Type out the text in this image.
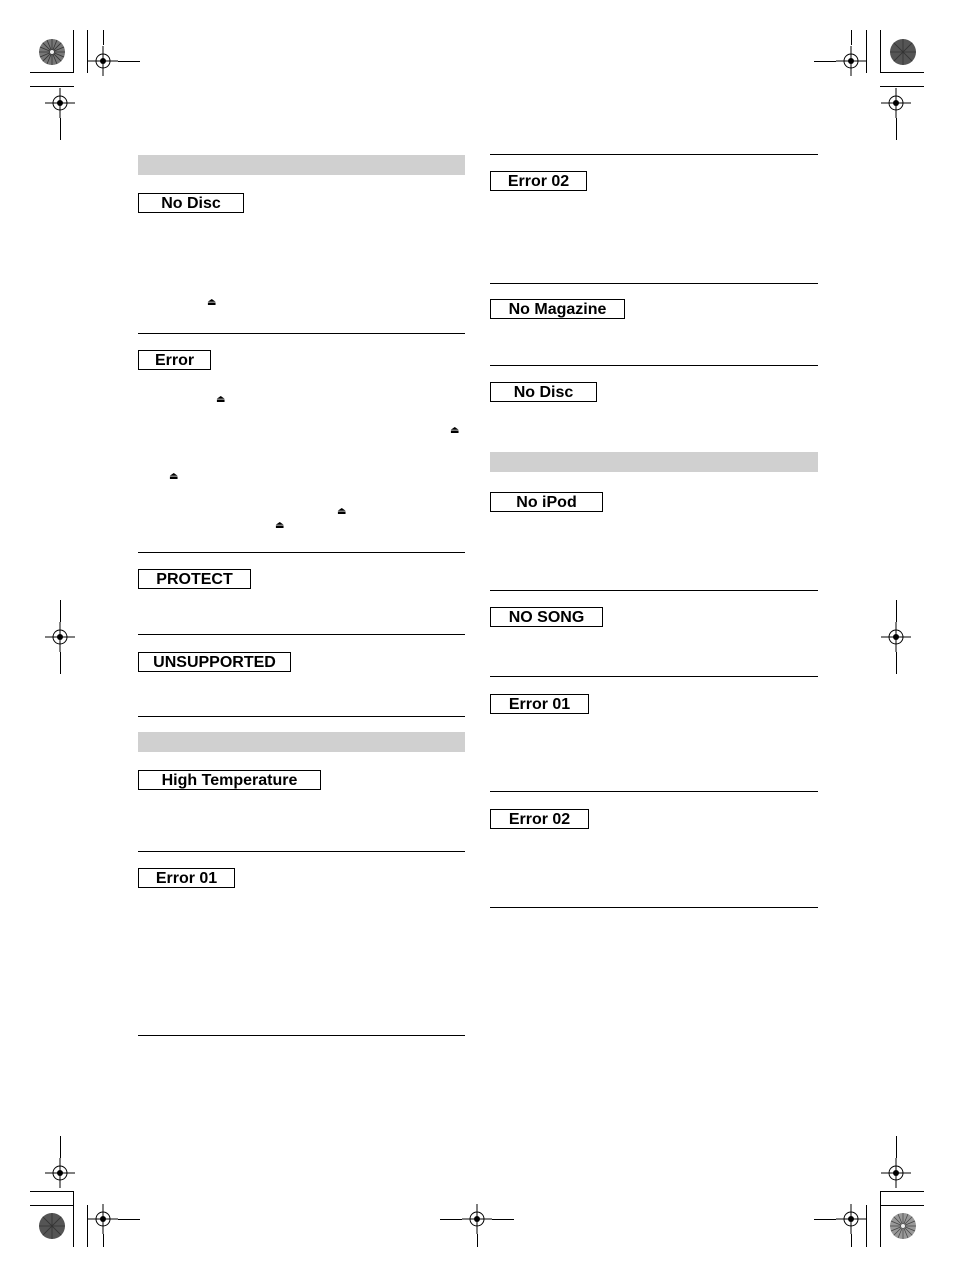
No Disc
⏏
Error
⏏
⏏
⏏
⏏
⏏
PROTECT
UNSUPPORTED
High Temperature
Error 01
Error 02
No Magazine
No Disc
No iPod
NO SONG
Error 01
Error 02
